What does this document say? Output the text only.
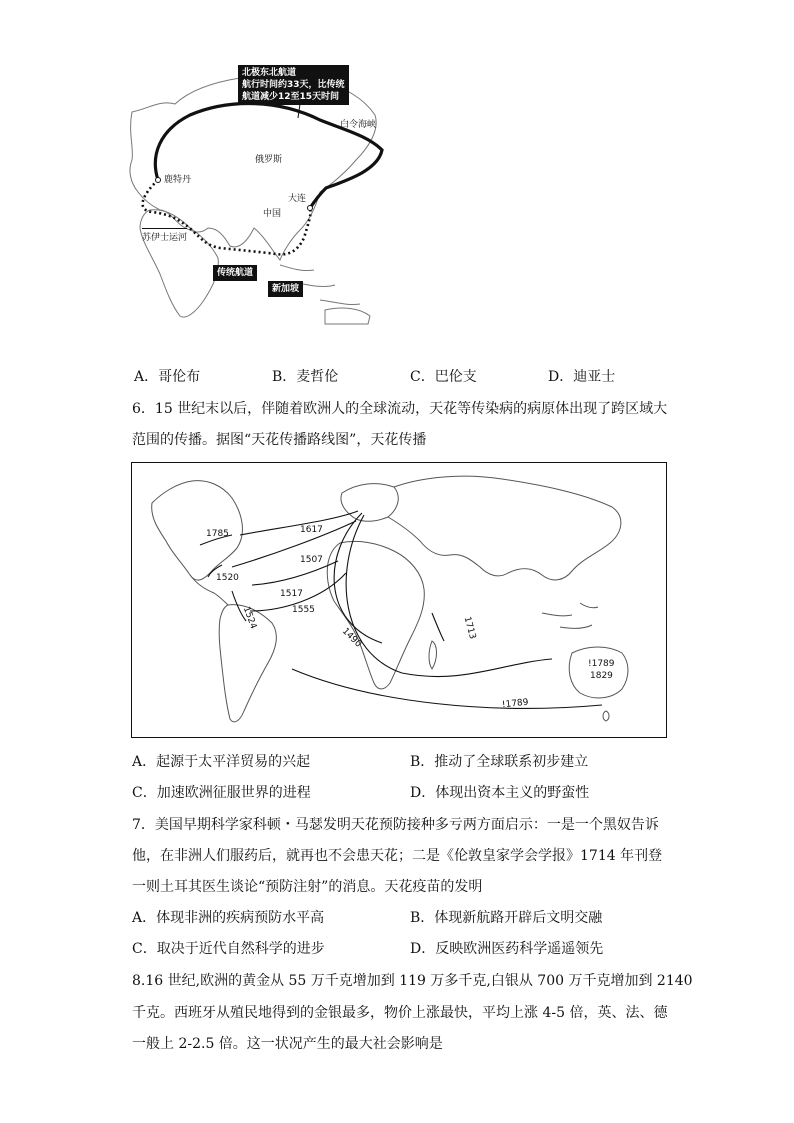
北极东北航道
航行时间约33天，比传统
航道减少12至15天时间
白令海峡
俄罗斯
鹿特丹
大连
中国
苏伊士运河
传统航道
新加坡
A．哥伦布	B．麦哲伦	C．巴伦支	D．迪亚士
6．15 世纪末以后，伴随着欧洲人的全球流动，天花等传染病的病原体出现了跨区域大
范围的传播。据图“天花传播路线图”，天花传播
1785	1617
1507
1520
1517
1555
1524
1490	1713
!1789
1829
!1789
A．起源于太平洋贸易的兴起	B．推动了全球联系初步建立
C．加速欧洲征服世界的进程	D．体现出资本主义的野蛮性
7．美国早期科学家科顿・马瑟发明天花预防接种多亏两方面启示：一是一个黑奴告诉
他，在非洲人们服药后，就再也不会患天花；二是《伦敦皇家学会学报》1714 年刊登
一则土耳其医生谈论“预防注射”的消息。天花疫苗的发明
A．体现非洲的疾病预防水平高	B．体现新航路开辟后文明交融
C．取决于近代自然科学的进步	D．反映欧洲医药科学遥遥领先
8.16 世纪,欧洲的黄金从 55 万千克增加到 119 万多千克,白银从 700 万千克增加到 2140
千克。西班牙从殖民地得到的金银最多，物价上涨最快，平均上涨 4-5 倍，英、法、德
一般上 2-2.5 倍。这一状况产生的最大社会影响是
